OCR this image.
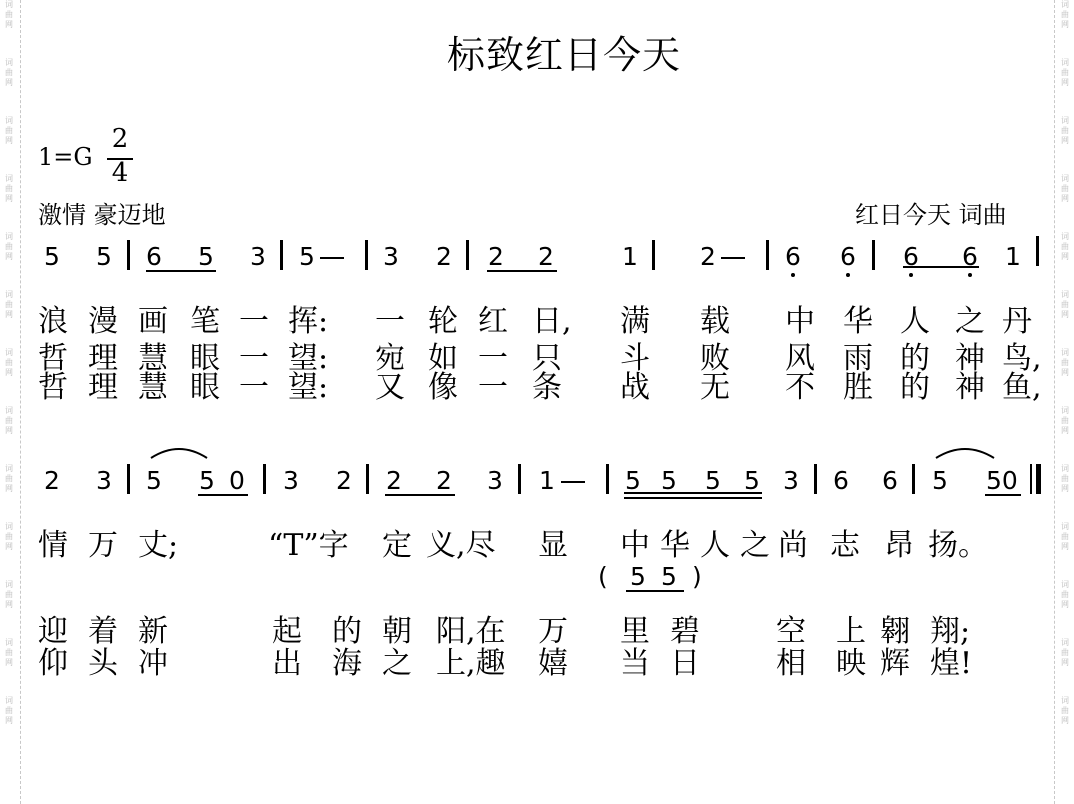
词
曲
网
词
曲
网
词
曲
网
词
曲
网
词
曲
网
词
曲
网
词
曲
网
词
曲
网
词
曲
网
词
曲
网
词
曲
网
词
曲
网
词
曲
网
词
曲
网
词
曲
网
词
曲
网
词
曲
网
词
曲
网
词
曲
网
词
曲
网
词
曲
网
词
曲
网
词
曲
网
词
曲
网
词
曲
网
词
曲
网
标致红日今天
1=G
2
4
激情 豪迈地	红日今天 词曲
5 5 6 5 3 5	3 2 2 2	1 2	6 6 6 6 1
浪 漫 画 笔 一 挥: 一 轮 红 日, 满 载 中 华 人 之 丹
哲 理 慧 眼 一 望: 宛 如 一 只 斗 败 风 雨 的 神 鸟,
哲 理 慧 眼 一 望: 又 像 一 条 战 无 不 胜 的 神 鱼,
2 3 5 5 0 3 2 2 2 3 1	5 5 5 5 3 6 6 5 50
情 万 丈;	“T”字 定 义,尽 显 中 华 人 之 尚 志 昂 扬。
迎 着 新	起 的 朝 阳,在 万 里 碧	空 上 翱 翔;
仰 头 冲	出 海 之 上,趣 嬉 当 日	相 映 辉 煌!
( 5 5 )
